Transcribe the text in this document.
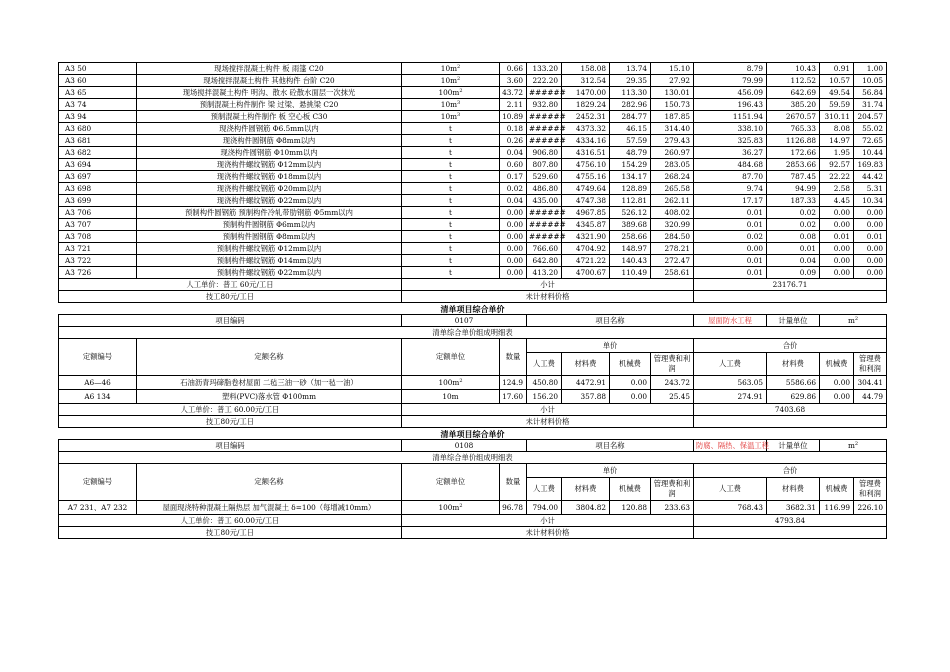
A3 50	现场搅拌混凝土构件 板 雨篷 C20	$10m^2$	0.66	133.20	158.08	13.74	15.10	8.79	10.43	0.91	1.00
A3 60	现场搅拌混凝土构件 其他构件 台阶 C20	$10m^2$	3.60	222.20	312.54	29.35	27.92	79.99	112.52	10.57	10.05
A3 65	现场搅拌混凝土构件 明沟、散水 砼散水面层一次抹光	$100m^2$	43.72	######	1470.00	113.30	130.01	456.09	642.69	49.54	56.84
A3 74	预制混凝土构件制作 梁 过梁、悬挑梁 C20	$10m^3$	2.11	932.80	1829.24	282.96	150.73	196.43	385.20	59.59	31.74
A3 94	预制混凝土构件制作 板 空心板 C30	$10m^3$	10.89	######	2452.31	284.77	187.85	1151.94	2670.57	310.11	204.57
A3 680	现浇构件圆钢筋 Φ6.5mm以内	t	0.18	######	4373.32	46.15	314.40	338.10	765.33	8.08	55.02
A3 681	现浇构件圆钢筋 Φ8mm以内	t	0.26	######	4334.16	57.59	279.43	325.83	1126.88	14.97	72.65
A3 682	现浇构件圆钢筋 Φ10mm以内	t	0.04	906.80	4316.51	48.79	260.97	36.27	172.66	1.95	10.44
A3 694	现浇构件螺纹钢筋 Φ12mm以内	t	0.60	807.80	4756.10	154.29	283.05	484.68	2853.66	92.57	169.83
A3 697	现浇构件螺纹钢筋 Φ18mm以内	t	0.17	529.60	4755.16	134.17	268.24	87.70	787.45	22.22	44.42
A3 698	现浇构件螺纹钢筋 Φ20mm以内	t	0.02	486.80	4749.64	128.89	265.58	9.74	94.99	2.58	5.31
A3 699	现浇构件螺纹钢筋 Φ22mm以内	t	0.04	435.00	4747.38	112.81	262.11	17.17	187.33	4.45	10.34
A3 706	预制构件圆钢筋 预制构件冷轧带肋钢筋 Φ5mm以内	t	0.00	######	4967.85	526.12	408.02	0.01	0.02	0.00	0.00
A3 707	预制构件圆钢筋 Φ6mm以内	t	0.00	######	4345.87	389.68	320.99	0.01	0.02	0.00	0.00
A3 708	预制构件圆钢筋 Φ8mm以内	t	0.00	######	4321.90	258.66	284.50	0.02	0.08	0.01	0.01
A3 721	预制构件螺纹钢筋 Φ12mm以内	t	0.00	766.60	4704.92	148.97	278.21	0.00	0.01	0.00	0.00
A3 722	预制构件螺纹钢筋 Φ14mm以内	t	0.00	642.80	4721.22	140.43	272.47	0.01	0.04	0.00	0.00
A3 726	预制构件螺纹钢筋 Φ22mm以内	t	0.00	413.20	4700.67	110.49	258.61	0.01	0.09	0.00	0.00
人工单价：普工 60元/工日		小计						23176.71			
技工80元/工日		未计材料价格									
清单项目综合单价											
项目编码		0107		项目名称				屋面防水工程	计量单位	$m^2$
清单综合单价组成明细表											
定额编号	定额名称	定额单位	数量	单价				合价			
				人工费	材料费	机械费	管理费和利润	人工费	材料费	机械费	管理费
和利润
A6—46	石油沥青玛碲脂卷材屋面 二毡三油一砂（加一毡一油）	$100m^2$	124.9	450.80	4472.91	0.00	243.72	563.05	5586.66	0.00	304.41
A6 134	塑料(PVC)落水管 Φ100mm	10m	17.60	156.20	357.88	0.00	25.45	274.91	629.86	0.00	44.79
人工单价：普工 60.00元/工日		小计						7403.68			
技工80元/工日		未计材料价格									
清单项目综合单价											
项目编码		0108		项目名称				防腐、隔热、保温工程	计量单位	$m^2$
清单综合单价组成明细表											
定额编号	定额名称	定额单位	数量	单价				合价			
				人工费	材料费	机械费	管理费和利润	人工费	材料费	机械费	管理费
和利润
A7 231、A7 232	屋面现浇特种混凝土隔热层 加气混凝土 δ=100（每增减10mm）	$100m^2$	96.78	794.00	3804.82	120.88	233.63	768.43	3682.31	116.99	226.10
人工单价：普工 60.00元/工日		小计						4793.84			
技工80元/工日		未计材料价格									
